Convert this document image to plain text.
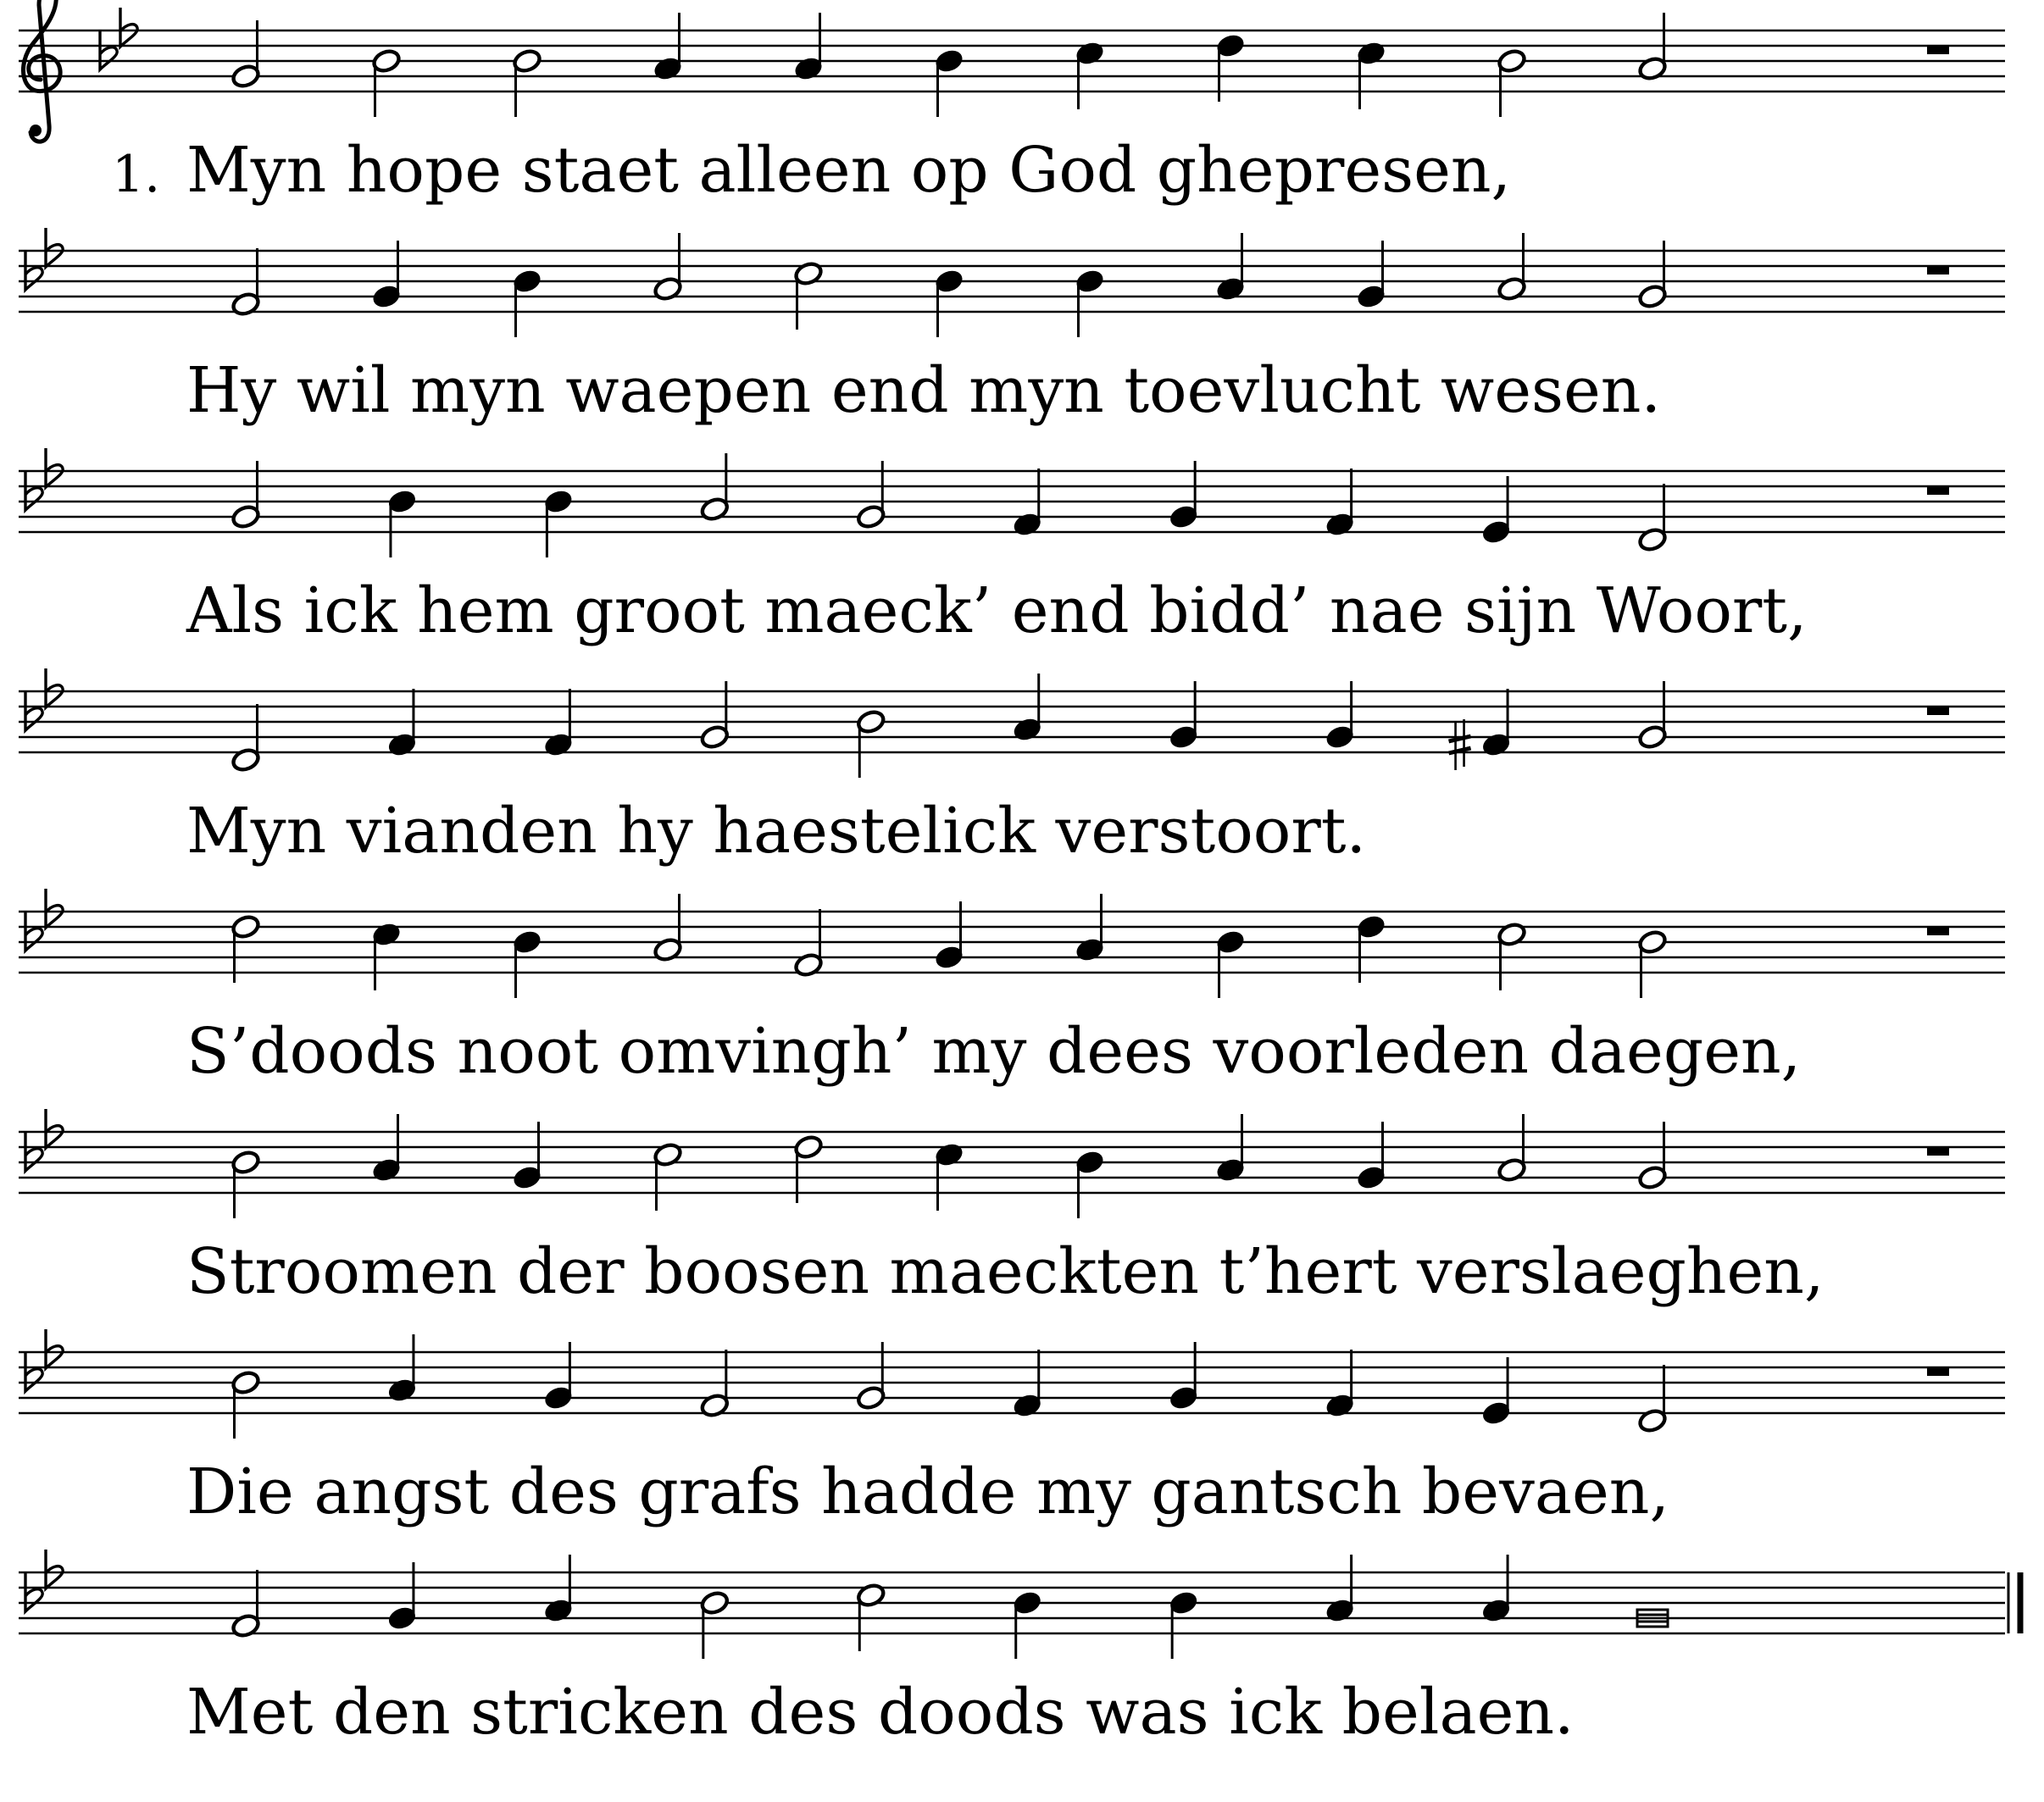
1. Myn hope staet alleen op God ghepresen,
Hy wil myn waepen end myn toevlucht wesen.
Als ick hem groot maeck’ end bidd’ nae sijn Woort,
Myn vianden hy haestelick verstoort.
S’doods noot omvingh’ my dees voorleden daegen,
Stroomen der boosen maeckten t’hert verslaeghen,
Die angst des grafs hadde my gantsch bevaen,
Met den stricken des doods was ick belaen.
